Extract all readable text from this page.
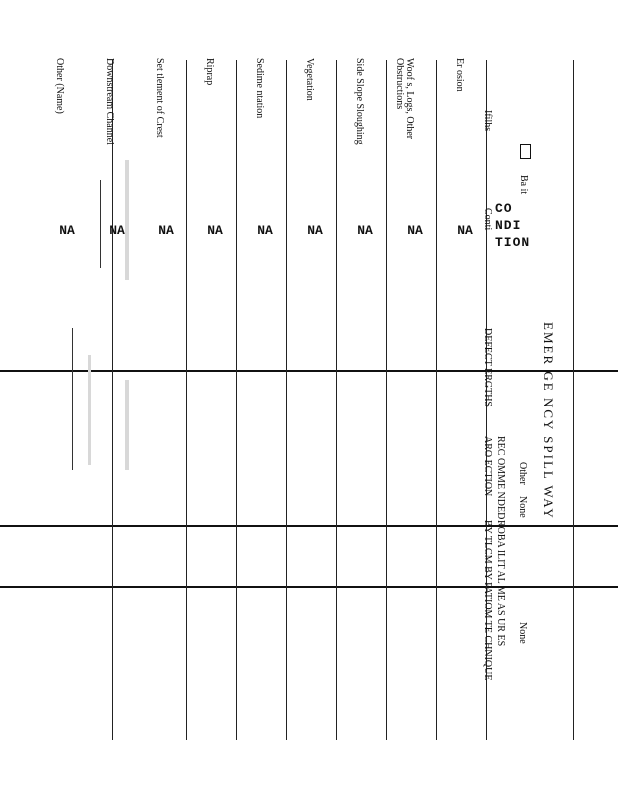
EMER GE NCY SPILL WAY
CO
NDI
TION
Ifilhs
Ba it
Conti
DEFECT ERGTHS
REC OMME NDED
ARO ECTION Other
None
ROBA ILIT AL ME AS UR ES
BY TLCM BY PATIOM TE CHNIQUE None
Er osion
Woof s, Logs, Other Obstructions
Side Slope Sloughing
Vegetation
Sedime ntation
Riprap
Set tlement of Crest
Downstream Channel
Other (Name)
NA
NA
NA
NA
NA
NA
NA
NA
NA
